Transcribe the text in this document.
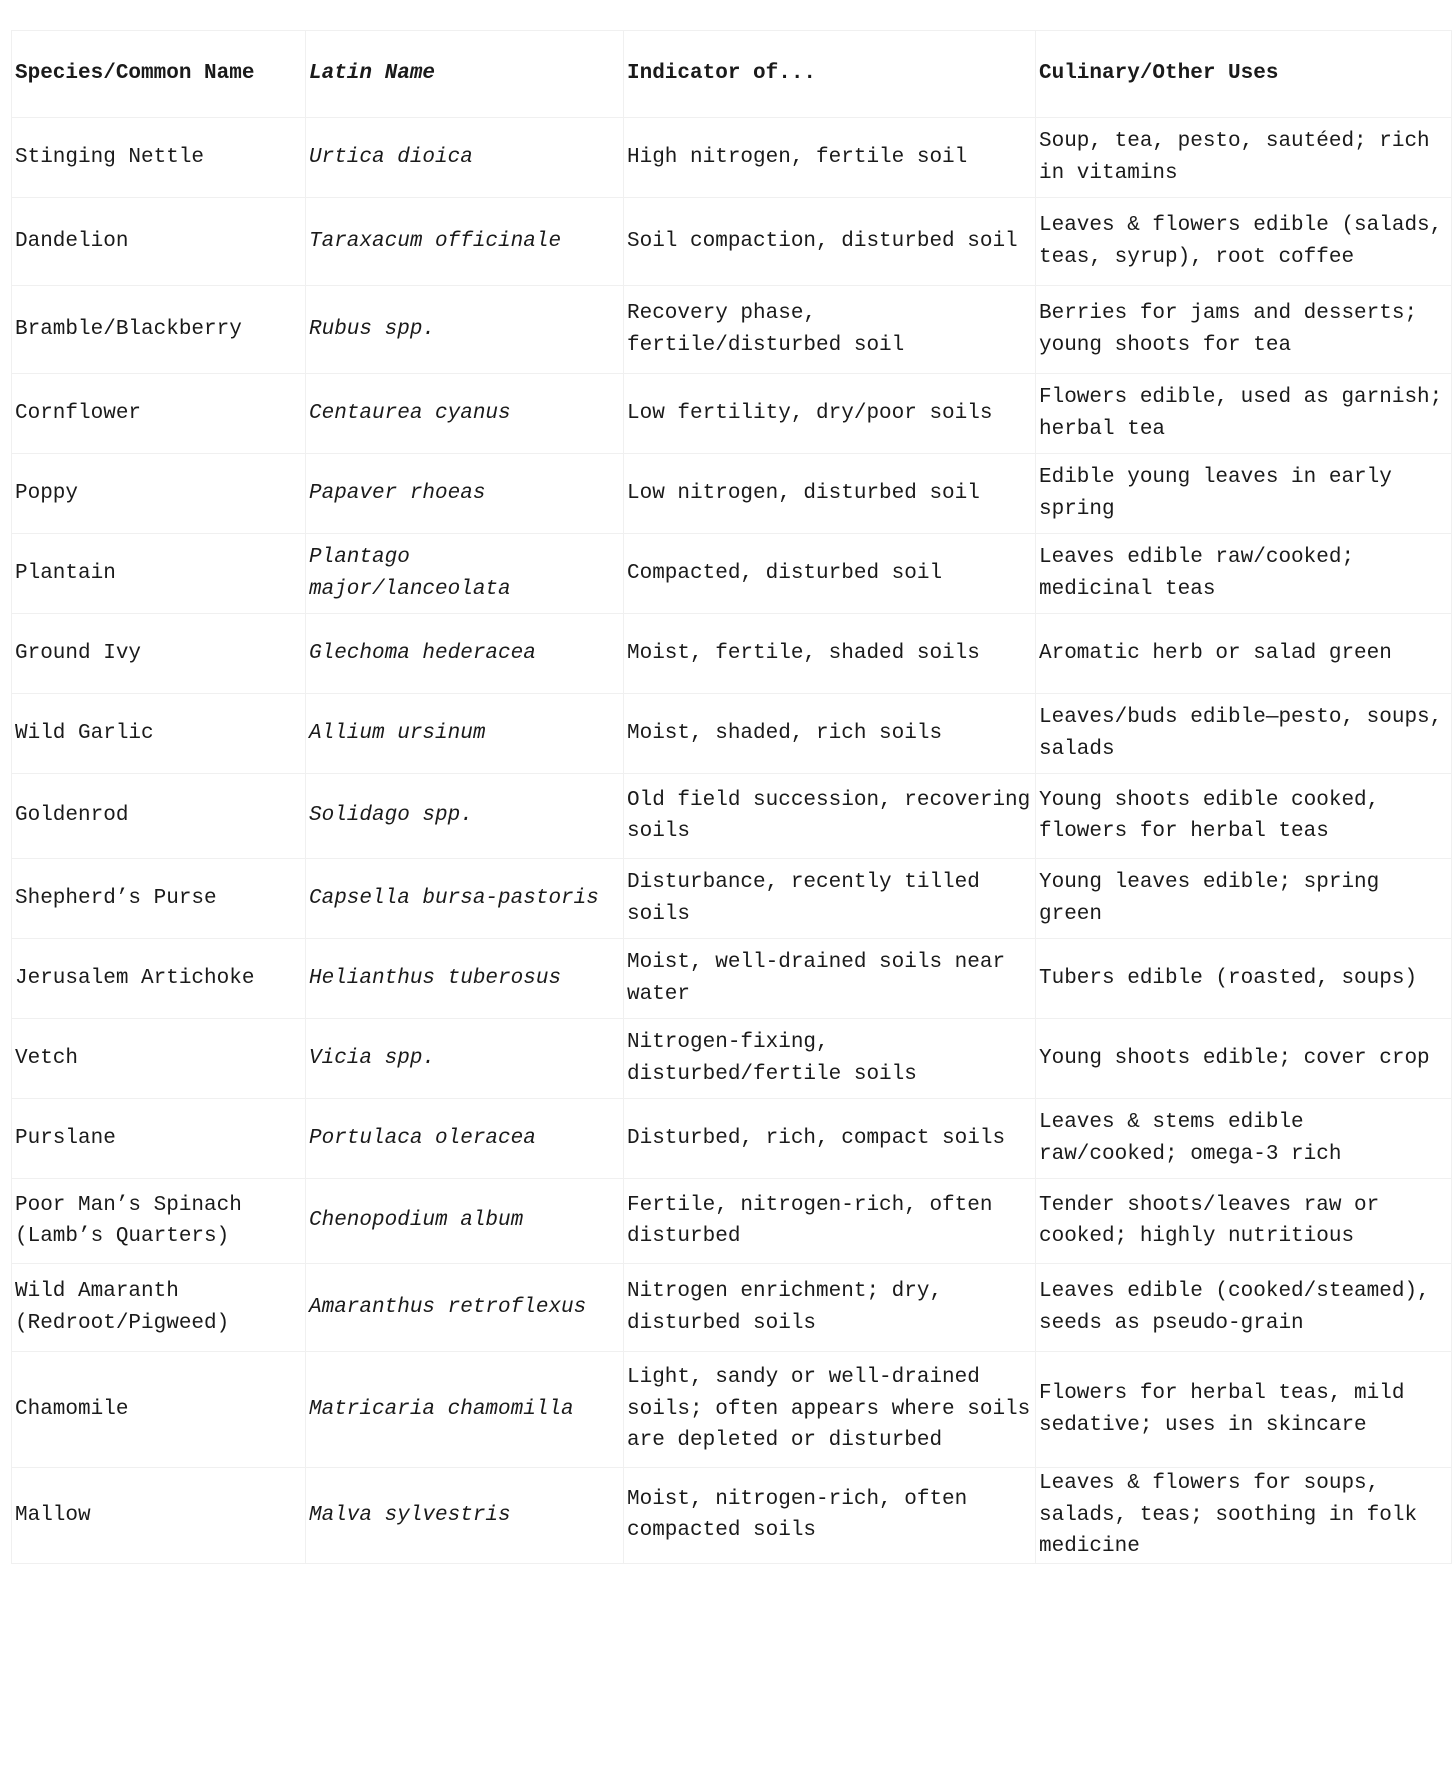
Species/Common Name	Latin Name	Indicator of...	Culinary/Other Uses
Stinging Nettle	Urtica dioica	High nitrogen, fertile soil	Soup, tea, pesto, sautéed; rich in vitamins
Dandelion	Taraxacum officinale	Soil compaction, disturbed soil	Leaves & flowers edible (salads, teas, syrup), root coffee
Bramble/Blackberry	Rubus spp.	Recovery phase, fertile/disturbed soil	Berries for jams and desserts; young shoots for tea
Cornflower	Centaurea cyanus	Low fertility, dry/poor soils	Flowers edible, used as garnish; herbal tea
Poppy	Papaver rhoeas	Low nitrogen, disturbed soil	Edible young leaves in early spring
Plantain	Plantago major/lanceolata	Compacted, disturbed soil	Leaves edible raw/cooked; medicinal teas
Ground Ivy	Glechoma hederacea	Moist, fertile, shaded soils	Aromatic herb or salad green
Wild Garlic	Allium ursinum	Moist, shaded, rich soils	Leaves/buds edible—pesto, soups, salads
Goldenrod	Solidago spp.	Old field succession, recovering soils	Young shoots edible cooked, flowers for herbal teas
Shepherd’s Purse	Capsella bursa-pastoris	Disturbance, recently tilled soils	Young leaves edible; spring green
Jerusalem Artichoke	Helianthus tuberosus	Moist, well-drained soils near water	Tubers edible (roasted, soups)
Vetch	Vicia spp.	Nitrogen-fixing, disturbed/fertile soils	Young shoots edible; cover crop
Purslane	Portulaca oleracea	Disturbed, rich, compact soils	Leaves & stems edible raw/cooked; omega-3 rich
Poor Man’s Spinach (Lamb’s Quarters)	Chenopodium album	Fertile, nitrogen-rich, often disturbed	Tender shoots/leaves raw or cooked; highly nutritious
Wild Amaranth (Redroot/Pigweed)	Amaranthus retroflexus	Nitrogen enrichment; dry, disturbed soils	Leaves edible (cooked/steamed), seeds as pseudo-grain
Chamomile	Matricaria chamomilla	Light, sandy or well-drained soils; often appears where soils are depleted or disturbed	Flowers for herbal teas, mild sedative; uses in skincare
Mallow	Malva sylvestris	Moist, nitrogen-rich, often compacted soils	Leaves & flowers for soups, salads, teas; soothing in folk medicine
